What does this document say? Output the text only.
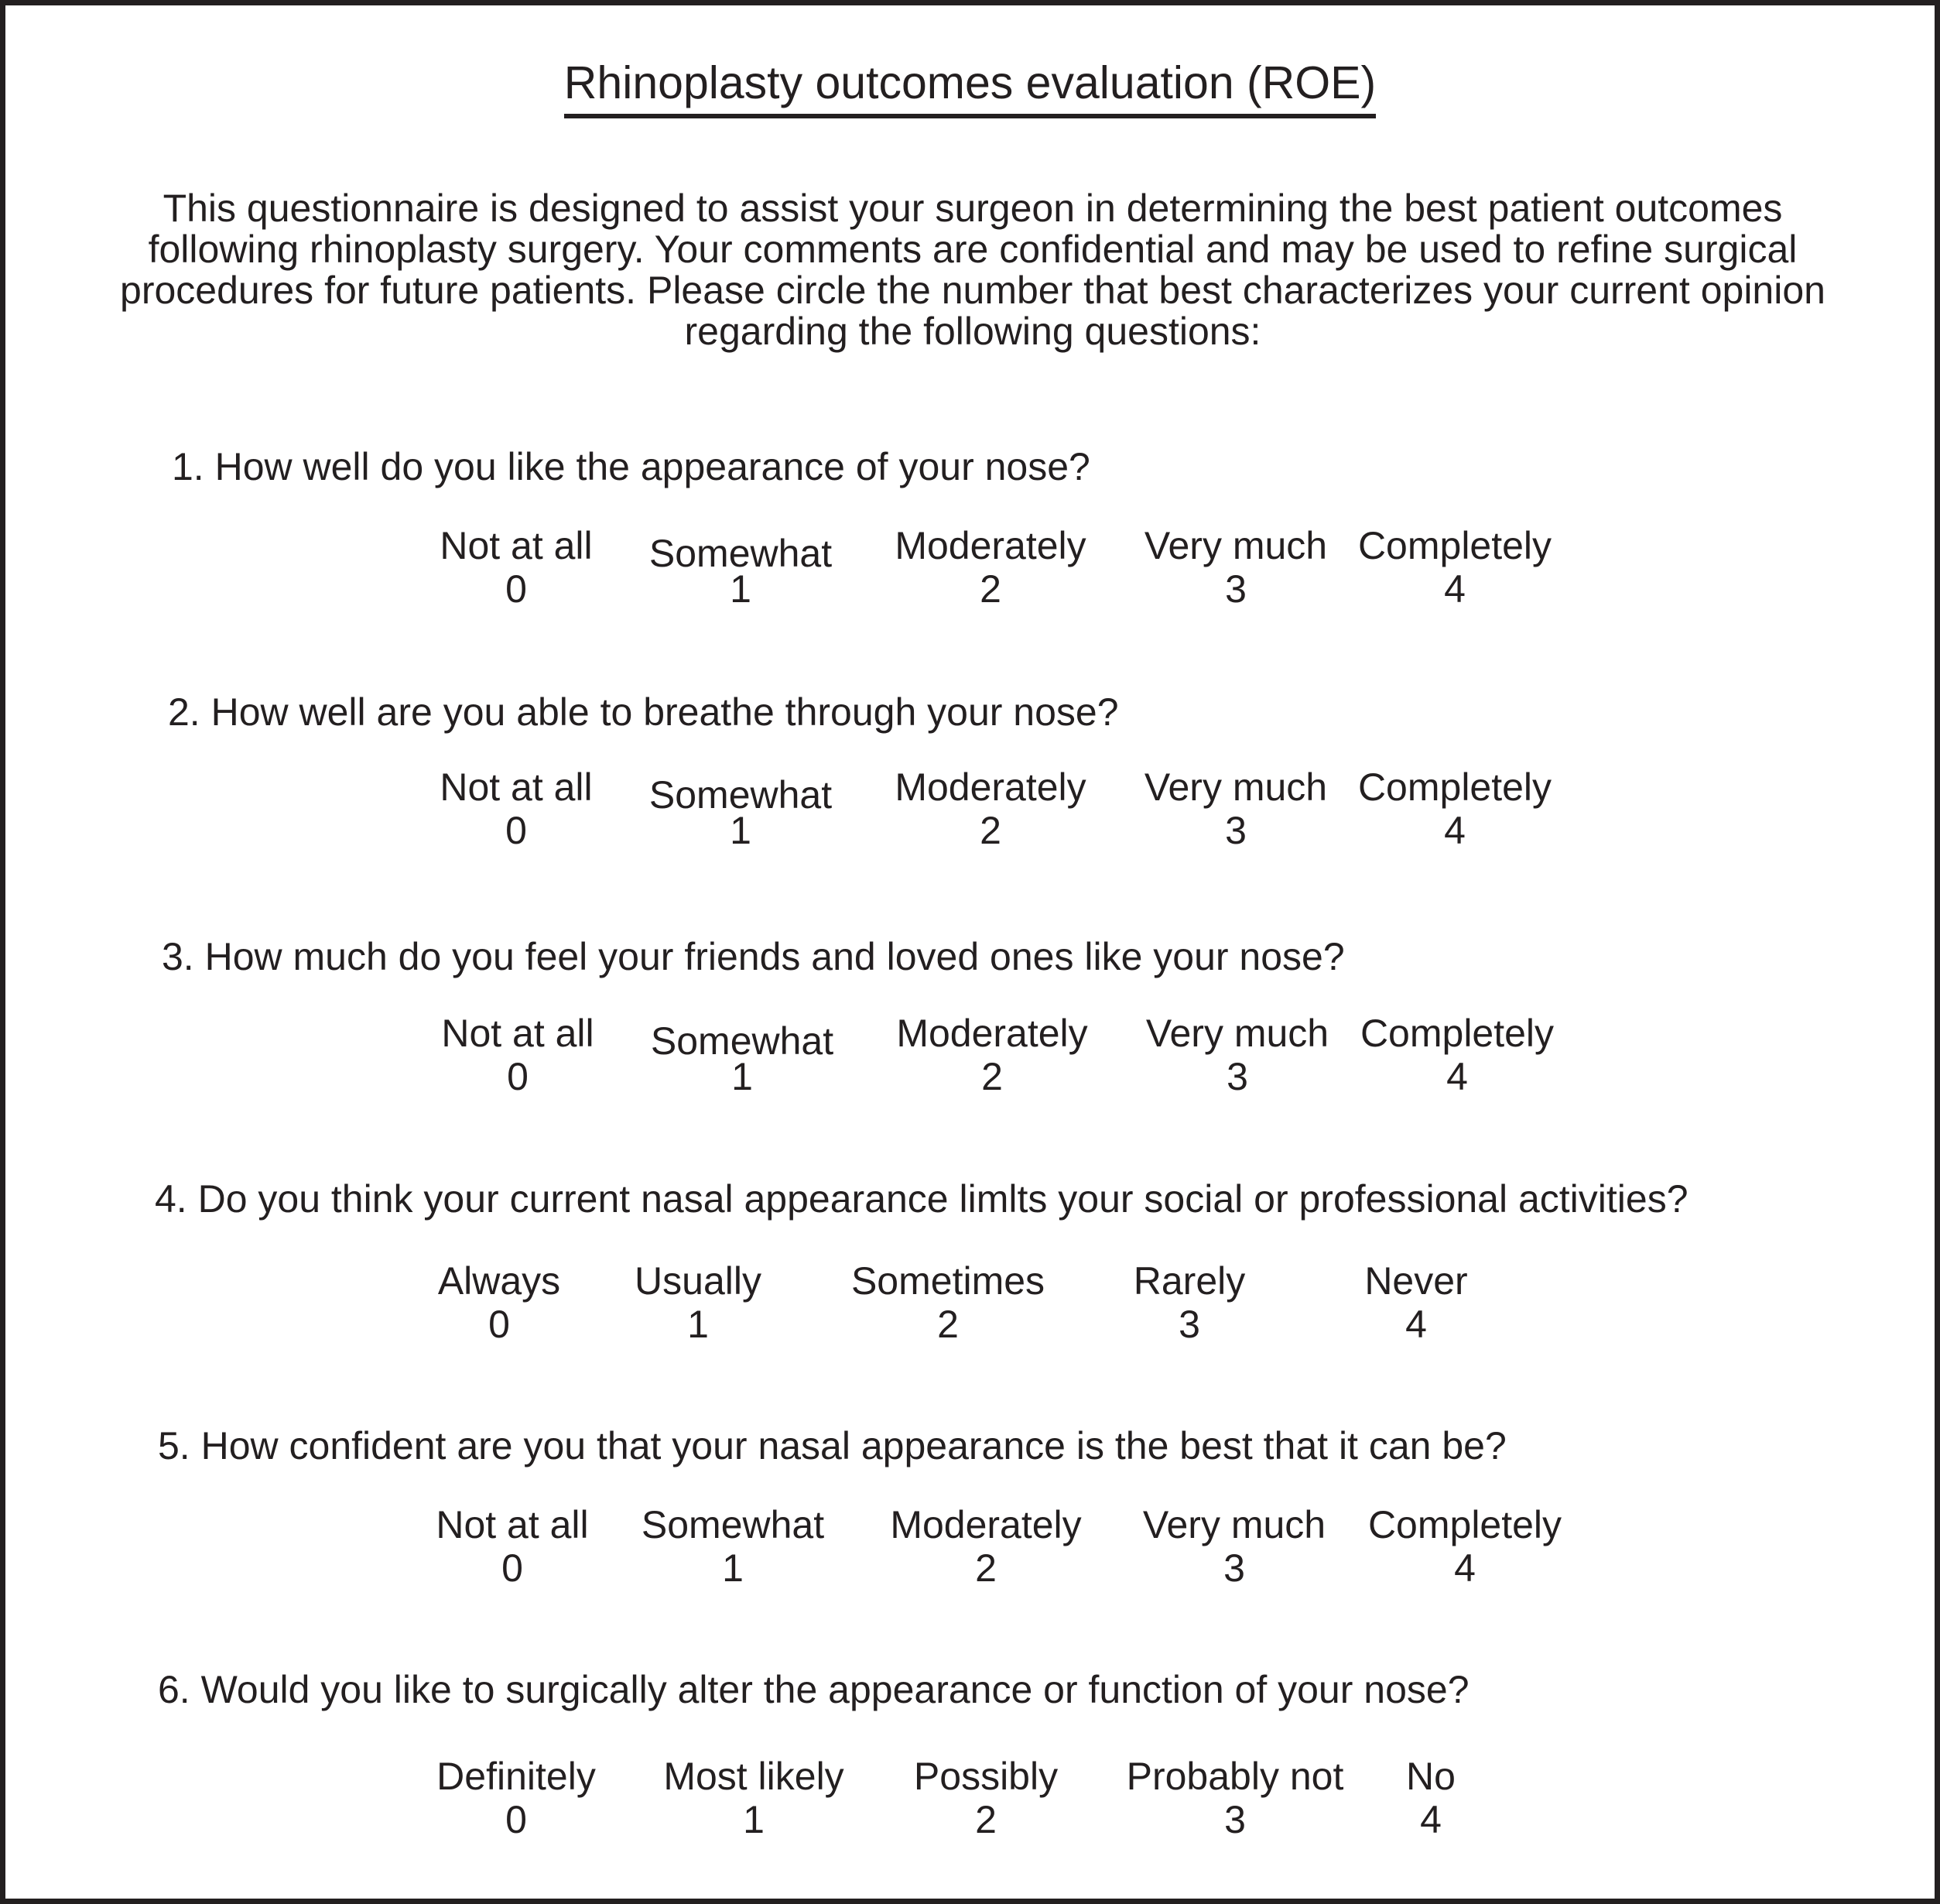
Rhinoplasty outcomes evaluation (ROE)
This questionnaire is designed to assist your surgeon in determining the best patient outcomes
following rhinoplasty surgery. Your comments are confidential and may be used to refine surgical
procedures for future patients. Please circle the number that best characterizes your current opinion
regarding the following questions:
1. How well do you like the appearance of your nose?
Not at all
0
Somewhat
1
Moderately
2
Very much
3
Completely
4
2. How well are you able to breathe through your nose?
Not at all
0
Somewhat
1
Moderately
2
Very much
3
Completely
4
3. How much do you feel your friends and loved ones like your nose?
Not at all
0
Somewhat
1
Moderately
2
Very much
3
Completely
4
4. Do you think your current nasal appearance limlts your social or professional activities?
Always
0
Usually
1
Sometimes
2
Rarely
3
Never
4
5. How confident are you that your nasal appearance is the best that it can be?
Not at all
0
Somewhat
1
Moderately
2
Very much
3
Completely
4
6. Would you like to surgically alter the appearance or function of your nose?
Definitely
0
Most likely
1
Possibly
2
Probably not
3
No
4
